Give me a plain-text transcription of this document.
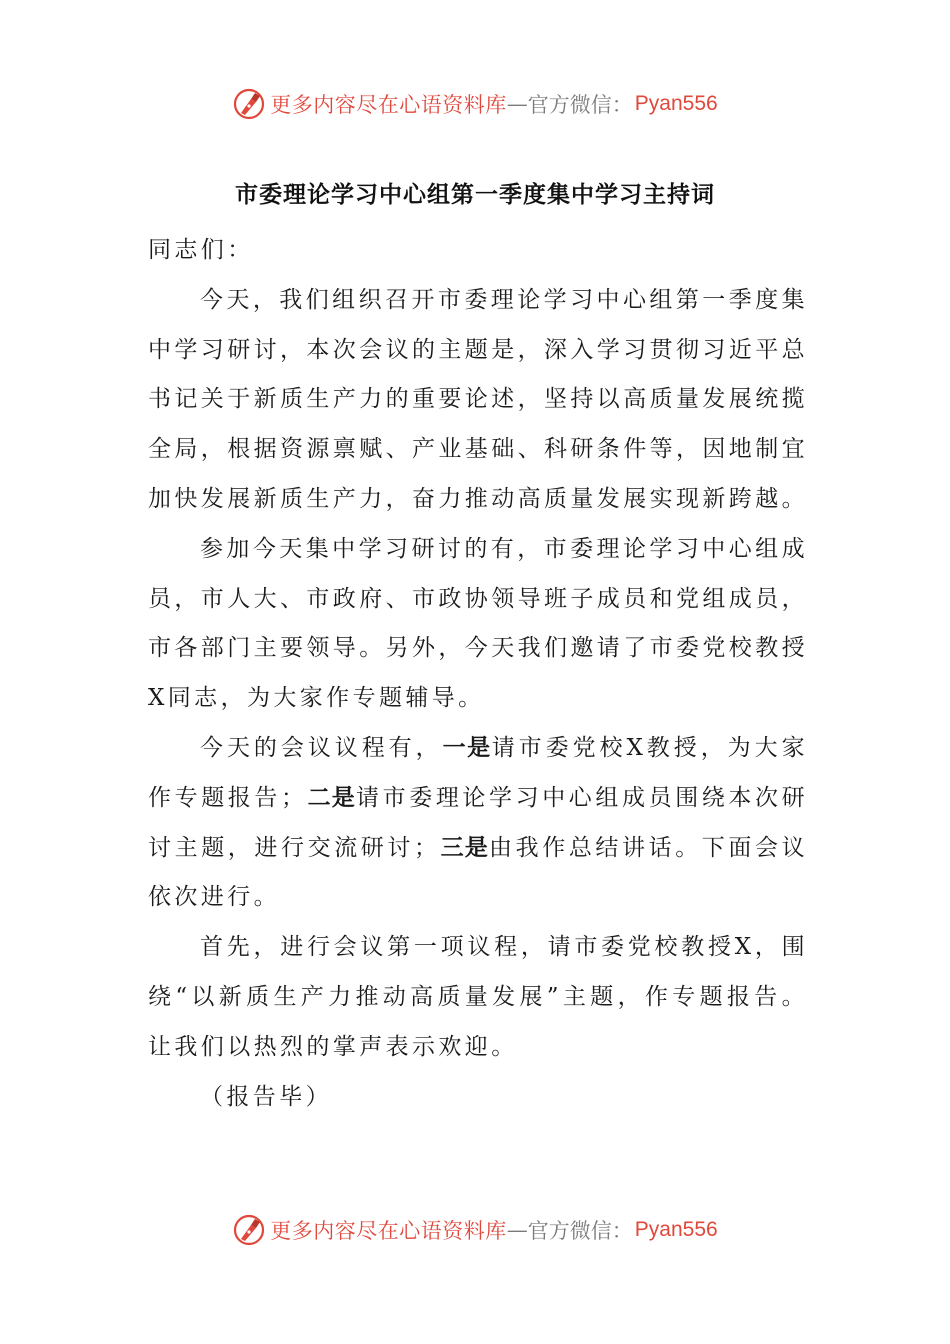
更多内容尽在心语资料库 — 官方微信： Pyan556
市委理论学习中心组第一季度集中学习主持词

同志们：

今天，我们组织召开市委理论学习中心组第一季度集中学习研讨，本次会议的主题是，深入学习贯彻习近平总书记关于新质生产力的重要论述，坚持以高质量发展统揽全局，根据资源禀赋、产业基础、科研条件等，因地制宜加快发展新质生产力，奋力推动高质量发展实现新跨越。

参加今天集中学习研讨的有，市委理论学习中心组成员，市人大、市政府、市政协领导班子成员和党组成员，市各部门主要领导。另外，今天我们邀请了市委党校教授X同志，为大家作专题辅导。

今天的会议议程有，一是请市委党校X教授，为大家作专题报告；二是请市委理论学习中心组成员围绕本次研讨主题，进行交流研讨；三是由我作总结讲话。下面会议依次进行。

首先，进行会议第一项议程，请市委党校教授X，围绕“以新质生产力推动高质量发展”主题，作专题报告。让我们以热烈的掌声表示欢迎。

（报告毕）

更多内容尽在心语资料库 — 官方微信： Pyan556
